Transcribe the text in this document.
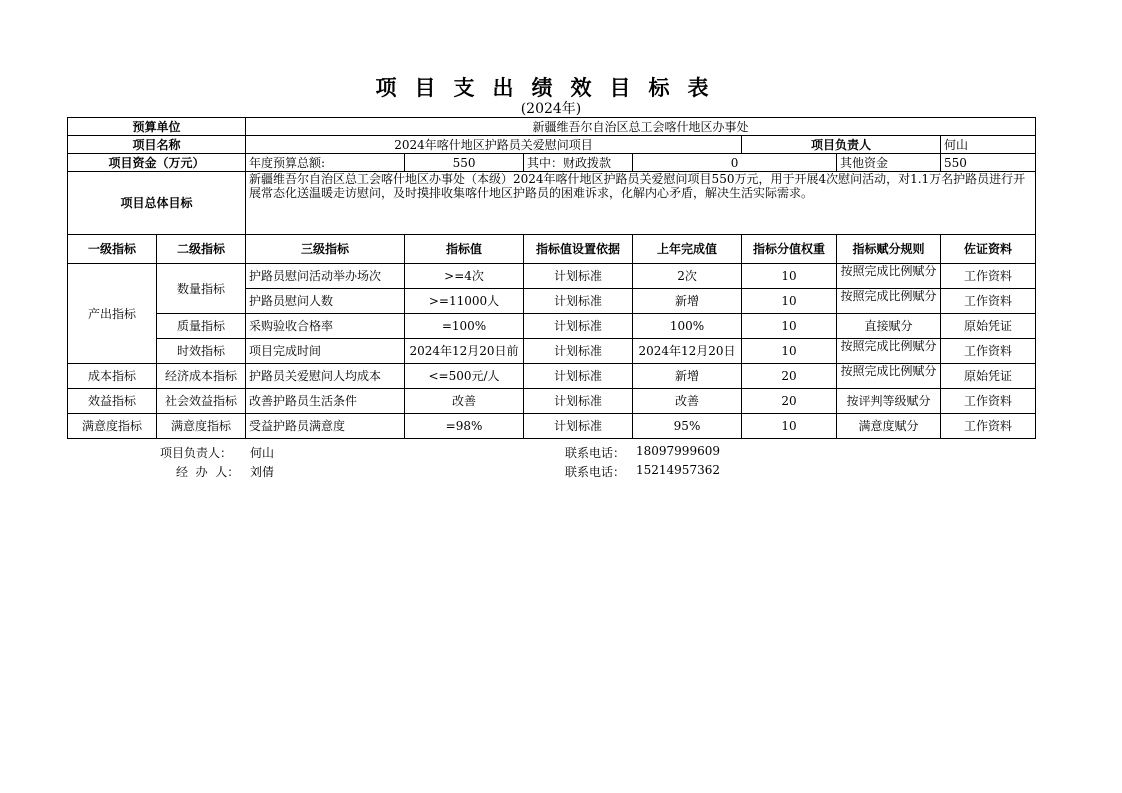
项目支出绩效目标表
(2024年)
预算单位		新疆维吾尔自治区总工会喀什地区办事处						
项目名称		2024年喀什地区护路员关爱慰问项目				项目负责人		何山
项目资金（万元）		年度预算总额:	550	其中：财政拨款	0		其他资金	550
项目总体目标		新疆维吾尔自治区总工会喀什地区办事处（本级）2024年喀什地区护路员关爱慰问项目550万元，用于开展4次慰问活动，对1.1万名护路员进行开展常态化送温暖走访慰问，及时摸排收集喀什地区护路员的困难诉求，化解内心矛盾，解决生活实际需求。						
一级指标	二级指标	三级指标	指标值	指标值设置依据	上年完成值	指标分值权重	指标赋分规则	佐证资料
产出指标	数量指标	护路员慰问活动举办场次	>=4次	计划标准	2次	10	按照完成比例赋分	工作资料
		护路员慰问人数	>=11000人	计划标准	新增	10	按照完成比例赋分	工作资料
	质量指标	采购验收合格率	=100%	计划标准	100%	10	直接赋分	原始凭证
	时效指标	项目完成时间	2024年12月20日前	计划标准	2024年12月20日	10	按照完成比例赋分	工作资料
成本指标	经济成本指标	护路员关爱慰问人均成本	<=500元/人	计划标准	新增	20	按照完成比例赋分	原始凭证
效益指标	社会效益指标	改善护路员生活条件	改善	计划标准	改善	20	按评判等级赋分	工作资料
满意度指标	满意度指标	受益护路员满意度	=98%	计划标准	95%	10	满意度赋分	工作资料
项目负责人： 何山	联系电话： 18097999609
经  办  人： 刘倩	联系电话： 15214957362
